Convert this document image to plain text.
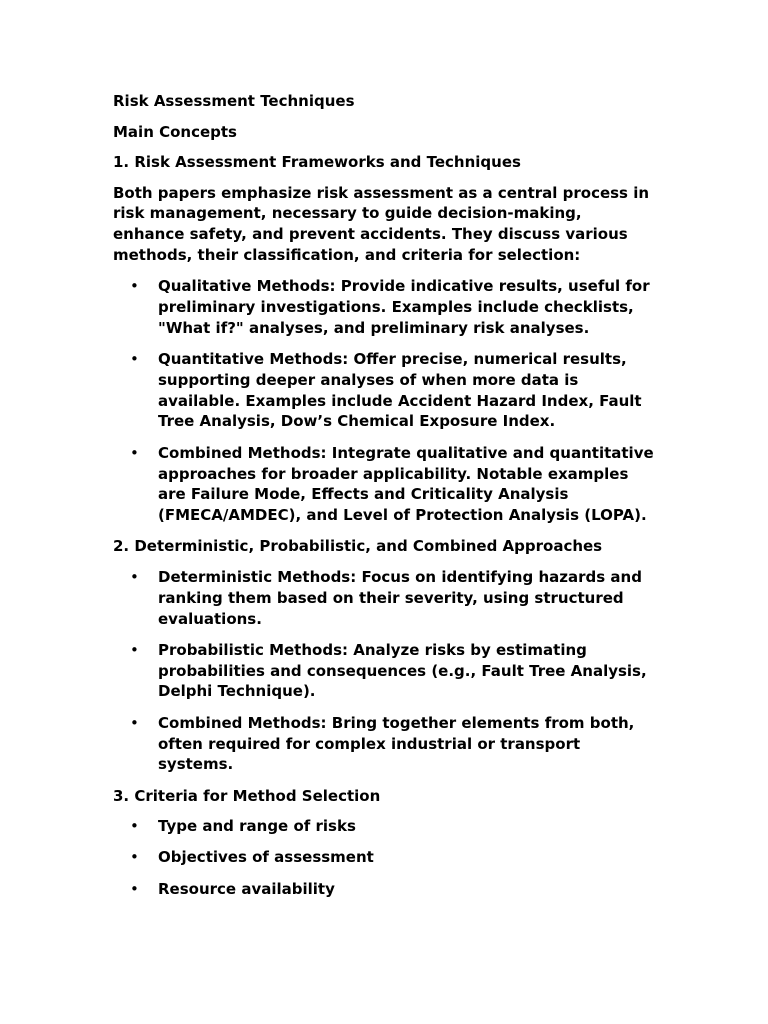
Risk Assessment Techniques
Main Concepts
1. Risk Assessment Frameworks and Techniques
Both papers emphasize risk assessment as a central process in risk management, necessary to guide decision-making, enhance safety, and prevent accidents. They discuss various methods, their classification, and criteria for selection:
• Qualitative Methods: Provide indicative results, useful for preliminary investigations. Examples include checklists, "What if?" analyses, and preliminary risk analyses.
• Quantitative Methods: Offer precise, numerical results, supporting deeper analyses of when more data is available. Examples include Accident Hazard Index, Fault Tree Analysis, Dow’s Chemical Exposure Index.
• Combined Methods: Integrate qualitative and quantitative approaches for broader applicability. Notable examples are Failure Mode, Effects and Criticality Analysis (FMECA/AMDEC), and Level of Protection Analysis (LOPA).
2. Deterministic, Probabilistic, and Combined Approaches
• Deterministic Methods: Focus on identifying hazards and ranking them based on their severity, using structured evaluations.
• Probabilistic Methods: Analyze risks by estimating probabilities and consequences (e.g., Fault Tree Analysis, Delphi Technique).
• Combined Methods: Bring together elements from both, often required for complex industrial or transport systems.
3. Criteria for Method Selection
• Type and range of risks
• Objectives of assessment
• Resource availability
